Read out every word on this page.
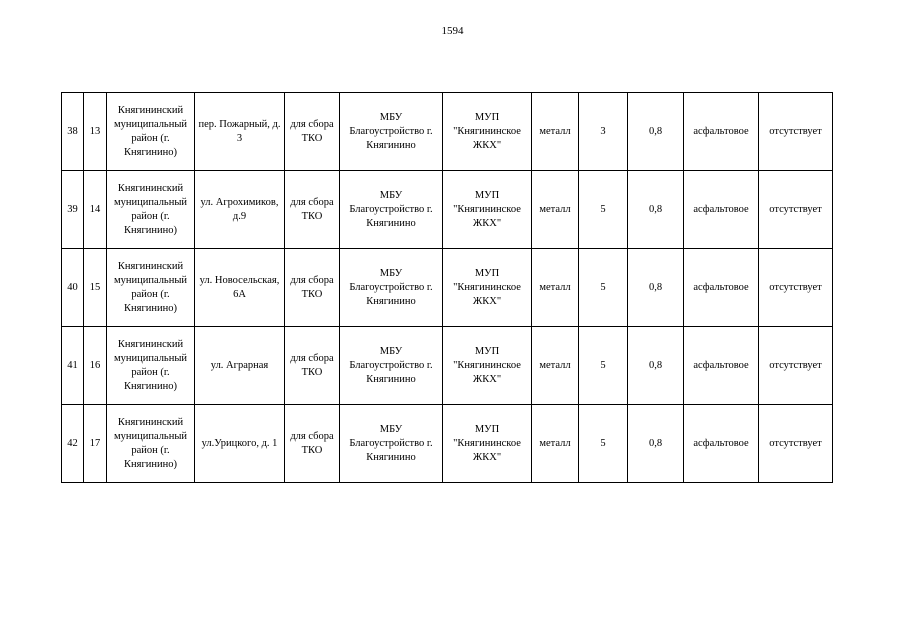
1594
38	13	Княгининский муниципальный район (г. Княгинино)	пер. Пожарный, д. 3	для сбора ТКО	МБУ Благоустройство г. Княгинино	МУП "Княгининское ЖКХ"	металл	3	0,8	асфальтовое	отсутствует
39	14	Княгининский муниципальный район (г. Княгинино)	ул. Агрохимиков, д.9	для сбора ТКО	МБУ Благоустройство г. Княгинино	МУП "Княгининское ЖКХ"	металл	5	0,8	асфальтовое	отсутствует
40	15	Княгининский муниципальный район (г. Княгинино)	ул. Новосельская, 6А	для сбора ТКО	МБУ Благоустройство г. Княгинино	МУП "Княгининское ЖКХ"	металл	5	0,8	асфальтовое	отсутствует
41	16	Княгининский муниципальный район (г. Княгинино)	ул. Аграрная	для сбора ТКО	МБУ Благоустройство г. Княгинино	МУП "Княгининское ЖКХ"	металл	5	0,8	асфальтовое	отсутствует
42	17	Княгининский муниципальный район (г. Княгинино)	ул.Урицкого, д. 1	для сбора ТКО	МБУ Благоустройство г. Княгинино	МУП "Княгининское ЖКХ"	металл	5	0,8	асфальтовое	отсутствует
